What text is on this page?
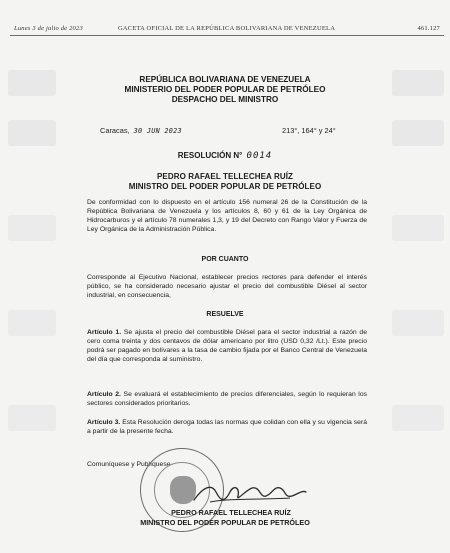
Lunes 3 de julio de 2023	GACETA OFICIAL DE LA REPÚBLICA BOLIVARIANA DE VENEZUELA	461.127
REPÚBLICA BOLIVARIANA DE VENEZUELA
MINISTERIO DEL PODER POPULAR DE PETRÓLEO
DESPACHO DEL MINISTRO
Caracas, 30 JUN 2023	213°, 164° y 24°
RESOLUCIÓN N° 0014
PEDRO RAFAEL TELLECHEA RUÍZ
MINISTRO DEL PODER POPULAR DE PETRÓLEO
De conformidad con lo dispuesto en el artículo 156 numeral 26 de la Constitución de la República Bolivariana de Venezuela y los artículos 8, 60 y 61 de la Ley Orgánica de Hidrocarburos y el artículo 78 numerales 1,3, y 19 del Decreto con Rango Valor y Fuerza de Ley Orgánica de la Administración Pública.
POR CUANTO
Corresponde al Ejecutivo Nacional, establecer precios rectores para defender el interés público, se ha considerado necesario ajustar el precio del combustible Diésel al sector industrial, en consecuencia,
RESUELVE
Artículo 1. Se ajusta el precio del combustible Diésel para el sector industrial a razón de cero coma treinta y dos centavos de dólar americano por litro (USD 0,32 /Lt.). Este precio podrá ser pagado en bolívares a la tasa de cambio fijada por el Banco Central de Venezuela del día que corresponda al suministro.
Artículo 2. Se evaluará el establecimiento de precios diferenciales, según lo requieran los sectores considerados prioritarios.
Artículo 3. Esta Resolución deroga todas las normas que colidan con ella y su vigencia será a partir de la presente fecha.
Comuníquese y Publíquese
PEDRO RAFAEL TELLECHEA RUÍZ
MINISTRO DEL PODER POPULAR DE PETRÓLEO
